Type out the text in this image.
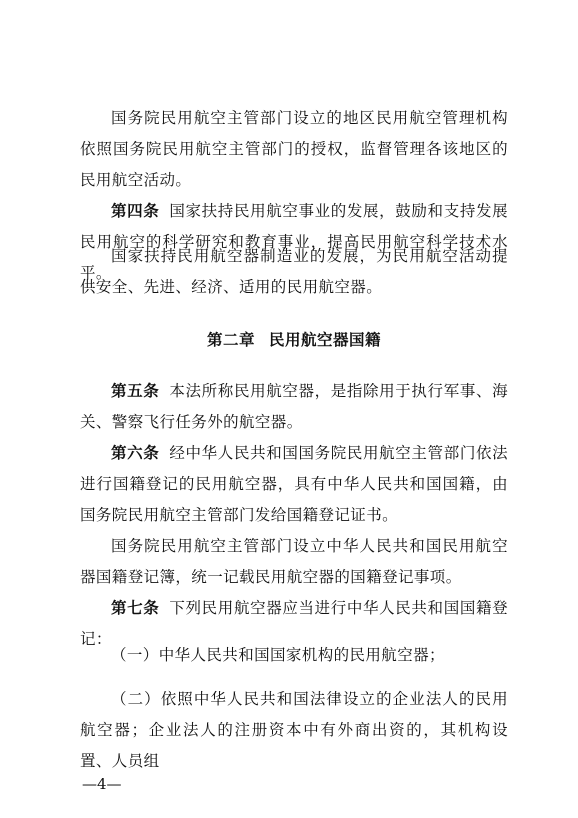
国务院民用航空主管部门设立的地区民用航空管理机构依照国务院民用航空主管部门的授权，监督管理各该地区的民用航空活动。

第四条 国家扶持民用航空事业的发展，鼓励和支持发展民用航空的科学研究和教育事业，提高民用航空科学技术水平。

国家扶持民用航空器制造业的发展，为民用航空活动提供安全、先进、经济、适用的民用航空器。

第二章 民用航空器国籍

第五条 本法所称民用航空器，是指除用于执行军事、海关、警察飞行任务外的航空器。

第六条 经中华人民共和国国务院民用航空主管部门依法进行国籍登记的民用航空器，具有中华人民共和国国籍，由国务院民用航空主管部门发给国籍登记证书。

国务院民用航空主管部门设立中华人民共和国民用航空器国籍登记簿，统一记载民用航空器的国籍登记事项。

第七条 下列民用航空器应当进行中华人民共和国国籍登记：

（一）中华人民共和国国家机构的民用航空器；

（二）依照中华人民共和国法律设立的企业法人的民用航空器；企业法人的注册资本中有外商出资的，其机构设置、人员组

—4—
